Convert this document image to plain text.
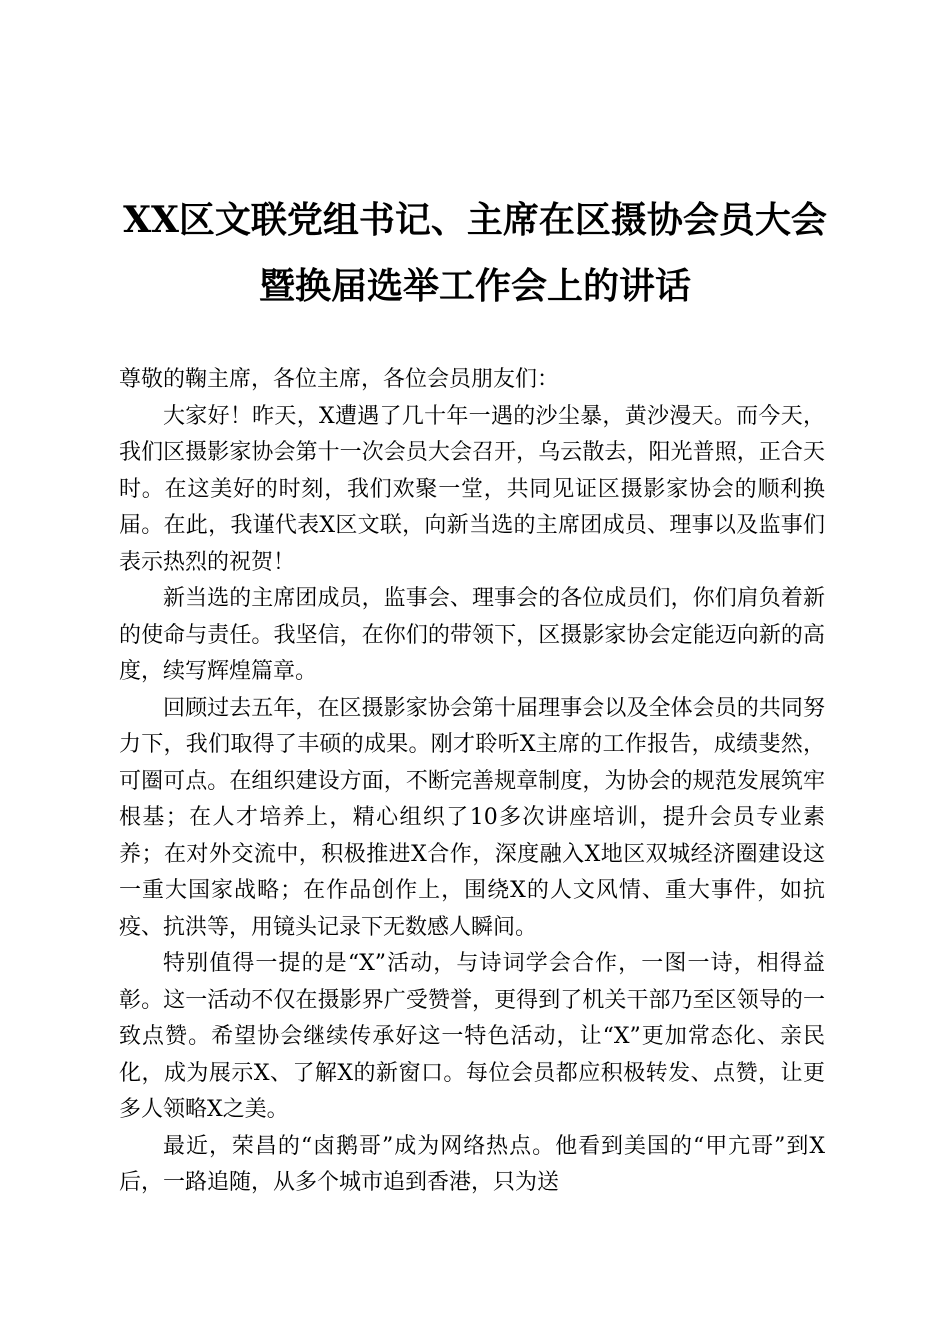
XX区文联党组书记、主席在区摄协会员大会
暨换届选举工作会上的讲话

尊敬的鞠主席，各位主席，各位会员朋友们：

大家好！昨天，X遭遇了几十年一遇的沙尘暴，黄沙漫天。而今天，我们区摄影家协会第十一次会员大会召开，乌云散去，阳光普照，正合天时。在这美好的时刻，我们欢聚一堂，共同见证区摄影家协会的顺利换届。在此，我谨代表X区文联，向新当选的主席团成员、理事以及监事们表示热烈的祝贺！

新当选的主席团成员，监事会、理事会的各位成员们，你们肩负着新的使命与责任。我坚信，在你们的带领下，区摄影家协会定能迈向新的高度，续写辉煌篇章。

回顾过去五年，在区摄影家协会第十届理事会以及全体会员的共同努力下，我们取得了丰硕的成果。刚才聆听X主席的工作报告，成绩斐然，可圈可点。在组织建设方面，不断完善规章制度，为协会的规范发展筑牢根基；在人才培养上，精心组织了10多次讲座培训，提升会员专业素养；在对外交流中，积极推进X合作，深度融入X地区双城经济圈建设这一重大国家战略；在作品创作上，围绕X的人文风情、重大事件，如抗疫、抗洪等，用镜头记录下无数感人瞬间。

特别值得一提的是“X”活动，与诗词学会合作，一图一诗，相得益彰。这一活动不仅在摄影界广受赞誉，更得到了机关干部乃至区领导的一致点赞。希望协会继续传承好这一特色活动，让“X”更加常态化、亲民化，成为展示X、了解X的新窗口。每位会员都应积极转发、点赞，让更多人领略X之美。

最近，荣昌的“卤鹅哥”成为网络热点。他看到美国的“甲亢哥”到X后，一路追随，从多个城市追到香港，只为送
